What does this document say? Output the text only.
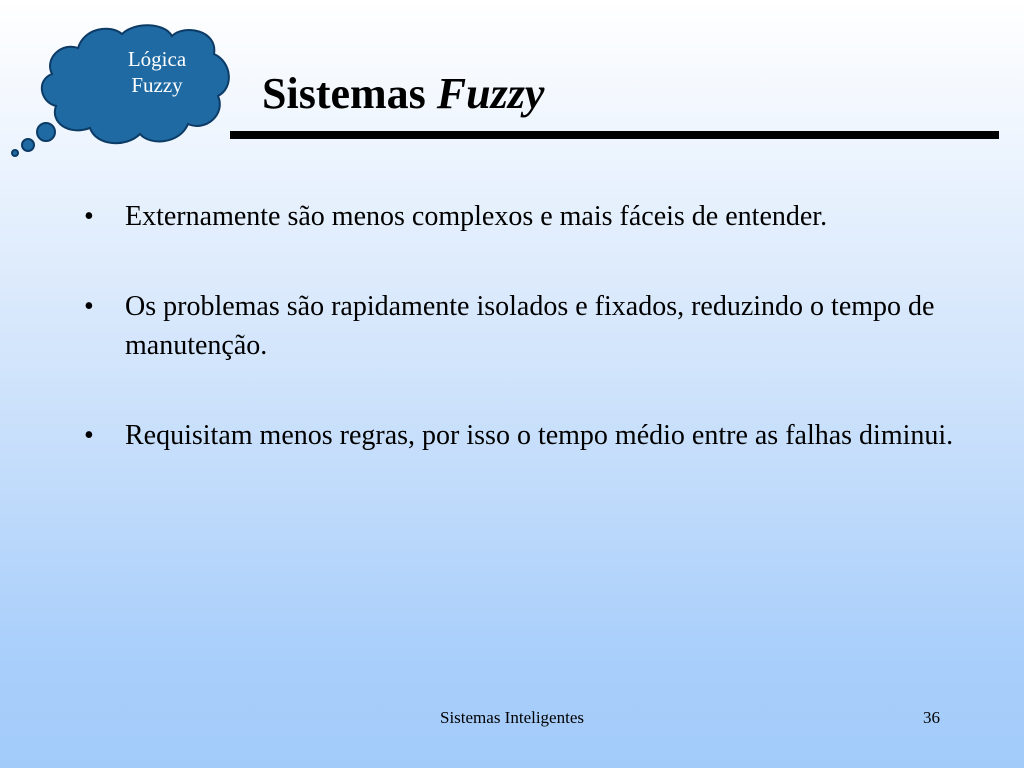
Lógica
Fuzzy	Sistemas Fuzzy
• Externamente são menos complexos e mais fáceis de entender.
• Os problemas são rapidamente isolados e fixados, reduzindo o tempo de manutenção.
• Requisitam menos regras, por isso o tempo médio entre as falhas diminui.
Sistemas Inteligentes	36
